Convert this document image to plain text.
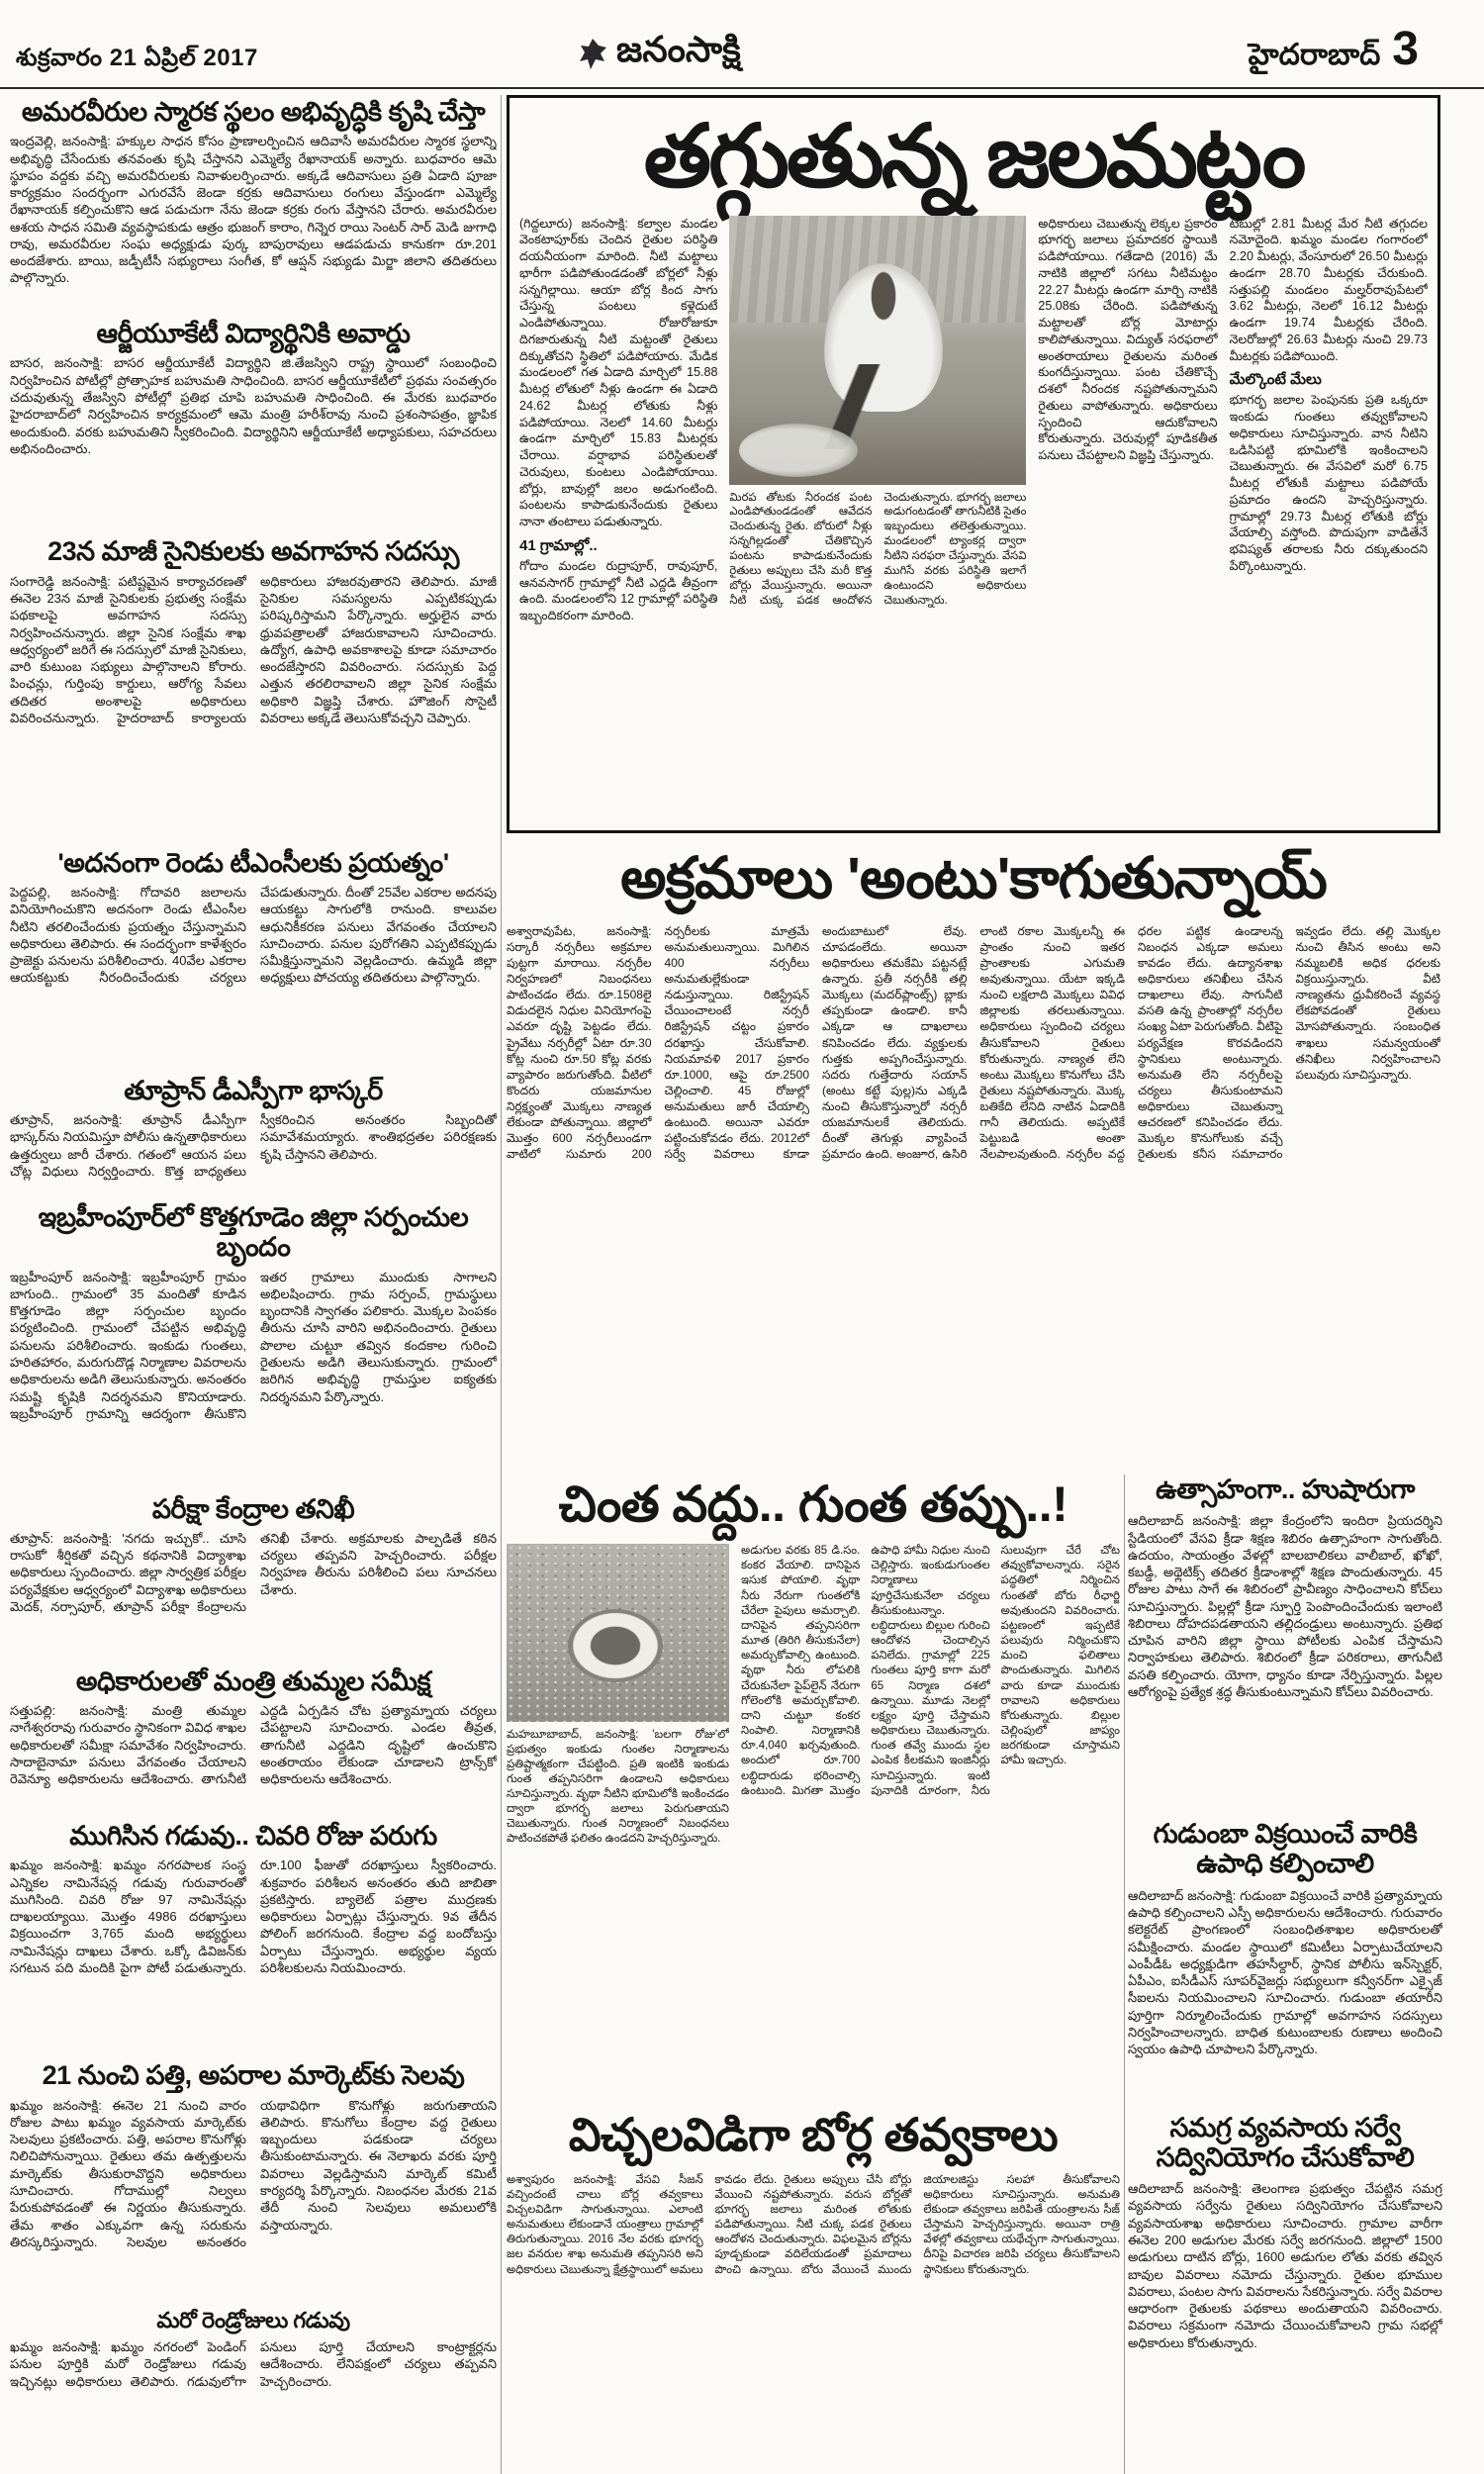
శుక్రవారం 21 ఏప్రిల్ 2017	జనంసాక్షి	హైదరాబాద్ 3
అమరవీరుల స్మారక స్థలం అభివృద్ధికి కృషి చేస్తా
ఇంద్రవెల్లి, జనంసాక్షి: హక్కుల సాధన కోసం ప్రాణాలర్పించిన ఆదివాసీ అమరవీరుల స్మారక స్థలాన్ని అభివృద్ధి చేసేందుకు తనవంతు కృషి చేస్తానని ఎమ్మెల్యే రేఖానాయక్ అన్నారు. బుధవారం ఆమె స్థూపం వద్దకు వచ్చి అమరవీరులకు నివాళులర్పించారు. అక్కడే ఆదివాసులు ప్రతి ఏడాది పూజా కార్యక్రమం సందర్భంగా ఎగురవేసే జెండా కర్రకు ఆదివాసులు రంగులు వేస్తుండగా ఎమ్మెల్యే రేఖానాయక్ కల్పించుకొని ఆడ పడుచుగా నేను జెండా కర్రకు రంగు వేస్తానని చేరారు. అమరవీరుల ఆశయ సాధన సమితి వ్యవస్థాపకుడు ఆత్రం భుజంగ్ కారాం, గిన్నెర రాయి సెంటర్ సార్ మెడి జుగాధి రావు, అమరవీరుల సంఘ అధ్యక్షుడు పుర్క బాపురావులు ఆడపడుచు కానుకగా రూ.201 అందజేశారు. బాయి, జడ్పీటీసీ సభ్యురాలు సంగీత, కో ఆప్షన్ సభ్యుడు మిర్జా జిలాని తదితరులు పాల్గొన్నారు.
ఆర్జీయూకేటీ విద్యార్థినికి అవార్డు
బాసర, జనంసాక్షి: బాసర ఆర్జీయూకేటీ విద్యార్థిని జి.తేజస్విని రాష్ట్ర స్థాయిలో సంబంధించి నిర్వహించిన పోటీల్లో ప్రోత్సాహక బహుమతి సాధించింది. బాసర ఆర్జీయూకేటీలో ప్రథమ సంవత్సరం చదువుతున్న తేజస్విని పోటీల్లో ప్రతిభ చూపి బహుమతి సాధించింది. ఈ మేరకు బుధవారం హైదరాబాద్‌లో నిర్వహించిన కార్యక్రమంలో ఆమె మంత్రి హరీశ్‌రావు నుంచి ప్రశంసాపత్రం, జ్ఞాపిక అందుకుంది. వరకు బహుమతిని స్వీకరించింది. విద్యార్థినిని ఆర్జీయూకేటీ అధ్యాపకులు, సహచరులు అభినందించారు.
23న మాజీ సైనికులకు అవగాహన సదస్సు
సంగారెడ్డి జనంసాక్షి: పటిష్టమైన కార్యాచరణతో ఈనెల 23న మాజీ సైనికులకు ప్రభుత్వ సంక్షేమ పథకాలపై అవగాహన సదస్సు నిర్వహించనున్నారు. జిల్లా సైనిక సంక్షేమ శాఖ ఆధ్వర్యంలో జరిగే ఈ సదస్సులో మాజీ సైనికులు, వారి కుటుంబ సభ్యులు పాల్గొనాలని కోరారు. పింఛన్లు, గుర్తింపు కార్డులు, ఆరోగ్య సేవలు తదితర అంశాలపై అధికారులు వివరించనున్నారు. హైదరాబాద్ కార్యాలయ అధికారులు హాజరవుతారని తెలిపారు. మాజీ సైనికుల సమస్యలను ఎప్పటికప్పుడు పరిష్కరిస్తామని పేర్కొన్నారు. అర్హులైన వారు ధ్రువపత్రాలతో హాజరుకావాలని సూచించారు. ఉద్యోగ, ఉపాధి అవకాశాలపై కూడా సమాచారం అందజేస్తారని వివరించారు. సదస్సుకు పెద్ద ఎత్తున తరలిరావాలని జిల్లా సైనిక సంక్షేమ అధికారి విజ్ఞప్తి చేశారు. హౌజింగ్ సొసైటీ వివరాలు అక్కడే తెలుసుకోవచ్చని చెప్పారు.
'అదనంగా రెండు టీఎంసీలకు ప్రయత్నం'
పెద్దపల్లి, జనంసాక్షి: గోదావరి జలాలను వినియోగించుకొని అదనంగా రెండు టీఎంసీల నీటిని తరలించేందుకు ప్రయత్నం చేస్తున్నామని అధికారులు తెలిపారు. ఈ సందర్భంగా కాళేశ్వరం ప్రాజెక్టు పనులను పరిశీలించారు. 40వేల ఎకరాల ఆయకట్టుకు నీరందించేందుకు చర్యలు చేపడుతున్నారు. దీంతో 25వేల ఎకరాల అదనపు ఆయకట్టు సాగులోకి రానుంది. కాలువల ఆధునికీకరణ పనులు వేగవంతం చేయాలని సూచించారు. పనుల పురోగతిని ఎప్పటికప్పుడు సమీక్షిస్తున్నామని వెల్లడించారు. ఉమ్మడి జిల్లా అధ్యక్షులు పోచయ్య తదితరులు పాల్గొన్నారు.
తూప్రాన్ డీఎస్పీగా భాస్కర్
తూప్రాన్, జనంసాక్షి: తూప్రాన్ డీఎస్పీగా భాస్కర్‌ను నియమిస్తూ పోలీసు ఉన్నతాధికారులు ఉత్తర్వులు జారీ చేశారు. గతంలో ఆయన పలు చోట్ల విధులు నిర్వర్తించారు. కొత్త బాధ్యతలు స్వీకరించిన అనంతరం సిబ్బందితో సమావేశమయ్యారు. శాంతిభద్రతల పరిరక్షణకు కృషి చేస్తానని తెలిపారు.
ఇబ్రహీంపూర్‌లో కొత్తగూడెం జిల్లా సర్పంచుల బృందం
ఇబ్రహీంపూర్ జనంసాక్షి: ఇబ్రహీంపూర్ గ్రామం బాగుంది.. గ్రామంలో 35 మందితో కూడిన కొత్తగూడెం జిల్లా సర్పంచుల బృందం పర్యటించింది. గ్రామంలో చేపట్టిన అభివృద్ధి పనులను పరిశీలించారు. ఇంకుడు గుంతలు, హరితహారం, మరుగుదొడ్ల నిర్మాణాల వివరాలను అధికారులను అడిగి తెలుసుకున్నారు. అనంతరం సమష్టి కృషికి నిదర్శనమని కొనియాడారు. ఇబ్రహీంపూర్ గ్రామాన్ని ఆదర్శంగా తీసుకొని ఇతర గ్రామాలు ముందుకు సాగాలని అభిలషించారు. గ్రామ సర్పంచ్, గ్రామస్థులు బృందానికి స్వాగతం పలికారు. మొక్కల పెంపకం తీరును చూసి వారిని అభినందించారు. రైతులు పొలాల చుట్టూ తవ్విన కందకాల గురించి రైతులను అడిగి తెలుసుకున్నారు. గ్రామంలో జరిగిన అభివృద్ధి గ్రామస్తుల ఐక్యతకు నిదర్శనమని పేర్కొన్నారు.
పరీక్షా కేంద్రాల తనిఖీ
తూప్రాన్: జనంసాక్షి: 'నగదు ఇచ్చుకో.. చూసి రాసుకో' శీర్షికతో వచ్చిన కథనానికి విద్యాశాఖ అధికారులు స్పందించారు. జిల్లా సార్వత్రిక పరీక్షల పర్యవేక్షకుల ఆధ్వర్యంలో విద్యాశాఖ అధికారులు మెదక్, నర్సాపూర్, తూప్రాన్ పరీక్షా కేంద్రాలను తనిఖీ చేశారు. అక్రమాలకు పాల్పడితే కఠిన చర్యలు తప్పవని హెచ్చరించారు. పరీక్షల నిర్వహణ తీరును పరిశీలించి పలు సూచనలు చేశారు.
అధికారులతో మంత్రి తుమ్మల సమీక్ష
సత్తుపల్లి: జనంసాక్షి: మంత్రి తుమ్మల నాగేశ్వరరావు గురువారం స్థానికంగా వివిధ శాఖల అధికారులతో సమీక్షా సమావేశం నిర్వహించారు. సాదాబైనామా పనులు వేగవంతం చేయాలని రెవెన్యూ అధికారులను ఆదేశించారు. తాగునీటి ఎద్దడి ఏర్పడిన చోట ప్రత్యామ్నాయ చర్యలు చేపట్టాలని సూచించారు. ఎండల తీవ్రత, తాగునీటి ఎద్దడిని దృష్టిలో ఉంచుకొని అంతరాయం లేకుండా చూడాలని ట్రాన్స్‌కో అధికారులను ఆదేశించారు.
ముగిసిన గడువు.. చివరి రోజు పరుగు
ఖమ్మం జనంసాక్షి: ఖమ్మం నగరపాలక సంస్థ ఎన్నికల నామినేషన్ల గడువు గురువారంతో ముగిసింది. చివరి రోజు 97 నామినేషన్లు దాఖలయ్యాయి. మొత్తం 4986 దరఖాస్తులు విక్రయించగా 3,765 మంది అభ్యర్థులు నామినేషన్లు దాఖలు చేశారు. ఒక్కో డివిజన్‌కు సగటున పది మందికి పైగా పోటీ పడుతున్నారు. రూ.100 ఫీజుతో దరఖాస్తులు స్వీకరించారు. శుక్రవారం పరిశీలన అనంతరం తుది జాబితా ప్రకటిస్తారు. బ్యాలెట్ పత్రాల ముద్రణకు అధికారులు ఏర్పాట్లు చేస్తున్నారు. 9వ తేదీన పోలింగ్ జరగనుంది. కేంద్రాల వద్ద బందోబస్తు ఏర్పాటు చేస్తున్నారు. అభ్యర్థుల వ్యయ పరిశీలకులను నియమించారు.
21 నుంచి పత్తి, అపరాల మార్కెట్‌కు సెలవు
ఖమ్మం జనంసాక్షి: ఈనెల 21 నుంచి వారం రోజుల పాటు ఖమ్మం వ్యవసాయ మార్కెట్‌కు సెలవులు ప్రకటించారు. పత్తి, అపరాల కొనుగోళ్లు నిలిచిపోనున్నాయి. రైతులు తమ ఉత్పత్తులను మార్కెట్‌కు తీసుకురావొద్దని అధికారులు సూచించారు. గోదాముల్లో నిల్వలు పేరుకుపోవడంతో ఈ నిర్ణయం తీసుకున్నారు. తేమ శాతం ఎక్కువగా ఉన్న సరుకును తిరస్కరిస్తున్నారు. సెలవుల అనంతరం యథావిధిగా కొనుగోళ్లు జరుగుతాయని తెలిపారు. కొనుగోలు కేంద్రాల వద్ద రైతులు ఇబ్బందులు పడకుండా చర్యలు తీసుకుంటామన్నారు. ఈ నెలాఖరు వరకు పూర్తి వివరాలు వెల్లడిస్తామని మార్కెట్ కమిటీ కార్యదర్శి పేర్కొన్నారు. నిబంధనల మేరకు 21వ తేదీ నుంచి సెలవులు అమలులోకి వస్తాయన్నారు.
మరో రెండ్రోజులు గడువు
ఖమ్మం జనంసాక్షి: ఖమ్మం నగరంలో పెండింగ్ పనుల పూర్తికి మరో రెండ్రోజులు గడువు ఇచ్చినట్లు అధికారులు తెలిపారు. గడువులోగా పనులు పూర్తి చేయాలని కాంట్రాక్టర్లను ఆదేశించారు. లేనిపక్షంలో చర్యలు తప్పవని హెచ్చరించారు.
తగ్గుతున్న జలమట్టం
(గిద్దలూరు) జనంసాక్షి: కల్వాల మండల వెంకటాపూర్‌కు చెందిన రైతుల పరిస్థితి దయనీయంగా మారింది. నీటి మట్టాలు భారీగా పడిపోతుండడంతో బోర్లలో నీళ్లు సన్నగిల్లాయి. ఆయా బోర్ల కింద సాగు చేస్తున్న పంటలు కళ్లెదుటే ఎండిపోతున్నాయి. రోజురోజుకూ దిగజారుతున్న నీటి మట్టంతో రైతులు దిక్కుతోచని స్థితిలో పడిపోయారు. మేడిక మండలంలో గత ఏడాది మార్చిలో 15.88 మీటర్ల లోతులో నీళ్లు ఉండగా ఈ ఏడాది 24.62 మీటర్ల లోతుకు నీళ్లు పడిపోయాయి. నెలలో 14.60 మీటర్లు ఉండగా మార్చిలో 15.83 మీటర్లకు చేరాయి. వర్షాభావ పరిస్థితులతో చెరువులు, కుంటలు ఎండిపోయాయి. బోర్లు, బావుల్లో జలం అడుగంటింది. పంటలను కాపాడుకునేందుకు రైతులు నానా తంటాలు పడుతున్నారు.
41 గ్రామాల్లో..
గోదాం మండల రుద్రాపూర్, రావుపూర్, ఆనవసాగర్ గ్రామాల్లో నీటి ఎద్దడి తీవ్రంగా ఉంది. మండలంలోని 12 గ్రామాల్లో పరిస్థితి ఇబ్బందికరంగా మారింది.
మిరప తోటకు నీరందక పంట ఎండిపోతుండడంతో ఆవేదన చెందుతున్న రైతు. బోరులో నీళ్లు సన్నగిల్లడంతో చేతికొచ్చిన పంటను కాపాడుకునేందుకు రైతులు అప్పులు చేసి మరీ కొత్త బోర్లు వేయిస్తున్నారు. అయినా నీటి చుక్క పడక ఆందోళన చెందుతున్నారు. భూగర్భ జలాలు అడుగంటడంతో తాగునీటికి సైతం ఇబ్బందులు తలెత్తుతున్నాయి. మండలంలో ట్యాంకర్ల ద్వారా నీటిని సరఫరా చేస్తున్నారు. వేసవి ముగిసే వరకు పరిస్థితి ఇలాగే ఉంటుందని అధికారులు చెబుతున్నారు.
అధికారులు చెబుతున్న లెక్కల ప్రకారం భూగర్భ జలాలు ప్రమాదకర స్థాయికి పడిపోయాయి. గతేడాది (2016) మే నాటికి జిల్లాలో సగటు నీటిమట్టం 22.27 మీటర్లు ఉండగా మార్చి నాటికి 25.08కు చేరింది. పడిపోతున్న మట్టాలతో బోర్ల మోటార్లు కాలిపోతున్నాయి. విద్యుత్ సరఫరాలో అంతరాయాలు రైతులను మరింత కుంగదీస్తున్నాయి. పంట చేతికొచ్చే దశలో నీరందక నష్టపోతున్నామని రైతులు వాపోతున్నారు. అధికారులు స్పందించి ఆదుకోవాలని కోరుతున్నారు. చెరువుల్లో పూడికతీత పనులు చేపట్టాలని విజ్ఞప్తి చేస్తున్నారు.
టేబుల్లో 2.81 మీటర్ల మేర నీటి తగ్గుదల నమోదైంది. ఖమ్మం మండల గంగారంలో 2.20 మీటర్లు, వేంసూరులో 26.50 మీటర్లు ఉండగా 28.70 మీటర్లకు చేరుకుంది. సత్తుపల్లి మండలం మల్హర్‌రావుపేటలో 3.62 మీటర్లు, నెలలో 16.12 మీటర్లు ఉండగా 19.74 మీటర్లకు చేరింది. నెలరోజుల్లో 26.63 మీటర్లు నుంచి 29.73 మీటర్లకు పడిపోయింది.
మేల్కొంటే మేలు
భూగర్భ జలాల పెంపునకు ప్రతి ఒక్కరూ ఇంకుడు గుంతలు తవ్వుకోవాలని అధికారులు సూచిస్తున్నారు. వాన నీటిని ఒడిసిపట్టి భూమిలోకి ఇంకించాలని చెబుతున్నారు. ఈ వేసవిలో మరో 6.75 మీటర్ల లోతుకి మట్టాలు పడిపోయే ప్రమాదం ఉందని హెచ్చరిస్తున్నారు. గ్రామాల్లో 29.73 మీటర్ల లోతుకి బోర్లు వేయాల్సి వస్తోంది. పొదుపుగా వాడితేనే భవిష్యత్ తరాలకు నీరు దక్కుతుందని పేర్కొంటున్నారు.
అక్రమాలు 'అంటు'కాగుతున్నాయ్
అశ్వారావుపేట, జనంసాక్షి: సర్కారీ నర్సరీలు అక్రమాల పుట్టగా మారాయి. నర్సరీల నిర్వహణలో నిబంధనలు పాటించడం లేదు. రూ.1508లై విడుదలైన నిధుల వినియోగంపై ఎవరూ దృష్టి పెట్టడం లేదు. ప్రైవేటు నర్సరీల్లో ఏటా రూ.30 కోట్ల నుంచి రూ.50 కోట్ల వరకు వ్యాపారం జరుగుతోంది. వీటిలో కొందరు యజమానుల నిర్లక్ష్యంతో మొక్కలు నాణ్యత లేకుండా పోతున్నాయి. జిల్లాలో మొత్తం 600 నర్సరీలుండగా వాటిలో సుమారు 200 నర్సరీలకు మాత్రమే అనుమతులున్నాయి. మిగిలిన 400 నర్సరీలు అనుమతుల్లేకుండా నడుస్తున్నాయి. రిజిస్ట్రేషన్ చేయించాలంటే నర్సరీ రిజిస్ట్రేషన్ చట్టం ప్రకారం దరఖాస్తు చేసుకోవాలి. నియమావళి 2017 ప్రకారం రూ.1000, ఆపై రూ.2500 చెల్లించాలి. 45 రోజుల్లో అనుమతులు జారీ చేయాల్సి ఉంటుంది. అయినా ఎవరూ పట్టించుకోవడం లేదు. 2012లో సర్వే వివరాలు కూడా అందుబాటులో లేవు. చూపడంలేదు. అయినా అధికారులు తమకేమి పట్టనట్లే ఉన్నారు. ప్రతీ నర్సరీకి తల్లి మొక్కలు (మదర్‌ప్లాంట్స్) బ్లాకు తప్పకుండా ఉండాలి. కానీ ఎక్కడా ఆ దాఖలాలు కనిపించడం లేదు. వ్యక్తులకు గుత్తకు అప్పగించేస్తున్నారు. సదరు గుత్తేదారు సయాన్ (అంటు కట్టే పుల్ల)ను ఎక్కడి నుంచి తీసుకొస్తున్నారో నర్సరీ యజమానులకే తెలియదు. దీంతో తెగుళ్లు వ్యాపించే ప్రమాదం ఉంది. అంజూర, ఉసిరి లాంటి రకాల మొక్కలన్నీ ఈ ప్రాంతం నుంచి ఇతర ప్రాంతాలకు ఎగుమతి అవుతున్నాయి. యేటా ఇక్కడి నుంచి లక్షలాది మొక్కలు వివిధ జిల్లాలకు తరలుతున్నాయి. అధికారులు స్పందించి చర్యలు తీసుకోవాలని రైతులు కోరుతున్నారు. నాణ్యత లేని అంటు మొక్కలు కొనుగోలు చేసి రైతులు నష్టపోతున్నారు. మొక్క బతికేది లేనిది నాటిన ఏడాదికి గానీ తెలియదు. అప్పటికే పెట్టుబడి అంతా నేలపాలవుతుంది. నర్సరీల వద్ద ధరల పట్టిక ఉండాలన్న నిబంధన ఎక్కడా అమలు కావడం లేదు. ఉద్యానశాఖ అధికారులు తనిఖీలు చేసిన దాఖలాలు లేవు. సాగునీటి వసతి ఉన్న ప్రాంతాల్లో నర్సరీల సంఖ్య ఏటా పెరుగుతోంది. వీటిపై పర్యవేక్షణ కొరవడిందని స్థానికులు అంటున్నారు. అనుమతి లేని నర్సరీలపై చర్యలు తీసుకుంటామని అధికారులు చెబుతున్నా ఆచరణలో కనిపించడం లేదు. మొక్కల కొనుగోలుకు వచ్చే రైతులకు కనీస సమాచారం ఇవ్వడం లేదు. తల్లి మొక్కల నుంచి తీసిన అంటు అని నమ్మబలికి అధిక ధరలకు విక్రయిస్తున్నారు. వీటి నాణ్యతను ధ్రువీకరించే వ్యవస్థ లేకపోవడంతో రైతులు మోసపోతున్నారు. సంబంధిత శాఖలు సమన్వయంతో తనిఖీలు నిర్వహించాలని పలువురు సూచిస్తున్నారు.
చింత వద్దు.. గుంత తప్పు..!
మహబూబాబాద్, జనంసాక్షి: 'బలగా రోజు'లో ప్రభుత్వం ఇంకుడు గుంతల నిర్మాణాలను ప్రతిష్టాత్మకంగా చేపట్టింది. ప్రతి ఇంటికి ఇంకుడు గుంత తప్పనిసరిగా ఉండాలని అధికారులు సూచిస్తున్నారు. వృథా నీటిని భూమిలోకి ఇంకించడం ద్వారా భూగర్భ జలాలు పెరుగుతాయని చెబుతున్నారు. గుంత నిర్మాణంలో నిబంధనలు పాటించకపోతే ఫలితం ఉండదని హెచ్చరిస్తున్నారు.
అడుగుల వరకు 85 డి.సం. కంకర వేయాలి. దానిపైన ఇసుక పోయాలి. వృథా నీరు నేరుగా గుంతలోకి చేరేలా పైపులు అమర్చాలి. దానిపైన తప్పనిసరిగా మూత (తిరిగి తీసుకునేలా) అమర్చుకోవాల్సి ఉంటుంది. వృథా నీరు లోపలికి చేరుకునేలా పైప్‌లైన్ నేరుగా గోలెంలోకి అమర్చుకోవాలి. దాని చుట్టూ కంకర నింపాలి. నిర్మాణానికి రూ.4,040 ఖర్చవుతుంది. అందులో రూ.700 లబ్ధిదారుడు భరించాల్సి ఉంటుంది. మిగతా మొత్తం ఉపాధి హామీ నిధుల నుంచి చెల్లిస్తారు. ఇంకుడుగుంతల నిర్మాణాలు పూర్తిచేసుకునేలా చర్యలు తీసుకుంటున్నాం. లబ్ధిదారులు బిల్లుల గురించి ఆందోళన చెందాల్సిన పనిలేదు. గ్రామాల్లో 225 గుంతలు పూర్తి కాగా మరో 65 నిర్మాణ దశలో ఉన్నాయి. మూడు నెలల్లో లక్ష్యం పూర్తి చేస్తామని అధికారులు చెబుతున్నారు. గుంత తవ్వే ముందు స్థల ఎంపిక కీలకమని ఇంజినీర్లు సూచిస్తున్నారు. ఇంటి పునాదికి దూరంగా, నీరు సులువుగా చేరే చోట తవ్వుకోవాలన్నారు. సరైన పద్ధతిలో నిర్మించిన గుంతతో బోరు రీఛార్జి అవుతుందని వివరించారు. పట్టణంలో ఇప్పటికే పలువురు నిర్మించుకొని మంచి ఫలితాలు పొందుతున్నారు. మిగిలిన వారు కూడా ముందుకు రావాలని అధికారులు కోరుతున్నారు. బిల్లుల చెల్లింపులో జాప్యం జరగకుండా చూస్తామని హామీ ఇచ్చారు.
విచ్చలవిడిగా బోర్ల తవ్వకాలు
అశ్వాపురం జనంసాక్షి: వేసవి సీజన్ వచ్చిందంటే చాలు బోర్ల తవ్వకాలు విచ్చలవిడిగా సాగుతున్నాయి. ఎలాంటి అనుమతులు లేకుండానే యంత్రాలు గ్రామాల్లో తిరుగుతున్నాయి. 2016 నేల వరకు భూగర్భ జల వనరుల శాఖ అనుమతి తప్పనిసరి అని అధికారులు చెబుతున్నా క్షేత్రస్థాయిలో అమలు కావడం లేదు. రైతులు అప్పులు చేసి బోర్లు వేయించి నష్టపోతున్నారు. వరుస బోర్లతో భూగర్భ జలాలు మరింత లోతుకు పడిపోతున్నాయి. నీటి చుక్క పడక రైతులు ఆందోళన చెందుతున్నారు. విఫలమైన బోర్లను పూడ్చకుండా వదిలేయడంతో ప్రమాదాలు పొంచి ఉన్నాయి. బోరు వేయించే ముందు జియాలజిస్టు సలహా తీసుకోవాలని అధికారులు సూచిస్తున్నారు. అనుమతి లేకుండా తవ్వకాలు జరిపితే యంత్రాలను సీజ్ చేస్తామని హెచ్చరిస్తున్నారు. అయినా రాత్రి వేళల్లో తవ్వకాలు యథేచ్ఛగా సాగుతున్నాయి. దీనిపై విచారణ జరిపి చర్యలు తీసుకోవాలని స్థానికులు కోరుతున్నారు.
ఉత్సాహంగా.. హుషారుగా
ఆదిలాబాద్ జనంసాక్షి: జిల్లా కేంద్రంలోని ఇందిరా ప్రియదర్శిని స్టేడియంలో వేసవి క్రీడా శిక్షణ శిబిరం ఉత్సాహంగా సాగుతోంది. ఉదయం, సాయంత్రం వేళల్లో బాలబాలికలు వాలీబాల్, ఖోఖో, కబడ్డీ, అథ్లెటిక్స్ తదితర క్రీడాంశాల్లో శిక్షణ పొందుతున్నారు. 45 రోజుల పాటు సాగే ఈ శిబిరంలో ప్రావీణ్యం సాధించాలని కోచ్‌లు సూచిస్తున్నారు. పిల్లల్లో క్రీడా స్ఫూర్తి పెంపొందించేందుకు ఇలాంటి శిబిరాలు దోహదపడతాయని తల్లిదండ్రులు అంటున్నారు. ప్రతిభ చూపిన వారిని జిల్లా స్థాయి పోటీలకు ఎంపిక చేస్తామని నిర్వాహకులు తెలిపారు. శిబిరంలో క్రీడా పరికరాలు, తాగునీటి వసతి కల్పించారు. యోగా, ధ్యానం కూడా నేర్పిస్తున్నారు. పిల్లల ఆరోగ్యంపై ప్రత్యేక శ్రద్ధ తీసుకుంటున్నామని కోచ్‌లు వివరించారు.
గుడుంబా విక్రయించే వారికి ఉపాధి కల్పించాలి
ఆదిలాబాద్ జనంసాక్షి: గుడుంబా విక్రయించే వారికి ప్రత్యామ్నాయ ఉపాధి కల్పించాలని ఎస్పీ అధికారులను ఆదేశించారు. గురువారం కలెక్టరేట్ ప్రాంగణంలో సంబంధితశాఖల అధికారులతో సమీక్షించారు. మండల స్థాయిలో కమిటీలు ఏర్పాటుచేయాలని ఎంపీడీఓ అధ్యక్షుడిగా తహసీల్దార్, స్థానిక పోలీసు ఇన్‌స్పెక్టర్, ఏపీఎం, ఐసీడీఎస్ సూపర్‌వైజర్లు సభ్యులుగా కన్వీనర్‌గా ఎక్సైజ్ సీఐలను నియమించాలని సూచించారు. గుడుంబా తయారీని పూర్తిగా నిర్మూలించేందుకు గ్రామాల్లో అవగాహన సదస్సులు నిర్వహించాలన్నారు. బాధిత కుటుంబాలకు రుణాలు అందించి స్వయం ఉపాధి చూపాలని పేర్కొన్నారు.
సమగ్ర వ్యవసాయ సర్వే సద్వినియోగం చేసుకోవాలి
ఆదిలాబాద్ జనంసాక్షి: తెలంగాణ ప్రభుత్వం చేపట్టిన సమగ్ర వ్యవసాయ సర్వేను రైతులు సద్వినియోగం చేసుకోవాలని వ్యవసాయశాఖ అధికారులు సూచించారు. గ్రామాల వారీగా ఈనెల 200 అడుగుల మేరకు సర్వే జరగనుంది. జిల్లాలో 1500 అడుగులు దాటిన బోర్లు, 1600 అడుగుల లోతు వరకు తవ్విన బావుల వివరాలు నమోదు చేస్తున్నారు. రైతుల భూముల వివరాలు, పంటల సాగు వివరాలను సేకరిస్తున్నారు. సర్వే వివరాల ఆధారంగా రైతులకు పథకాలు అందుతాయని వివరించారు. వివరాలు సక్రమంగా నమోదు చేయించుకోవాలని గ్రామ సభల్లో అధికారులు కోరుతున్నారు.
